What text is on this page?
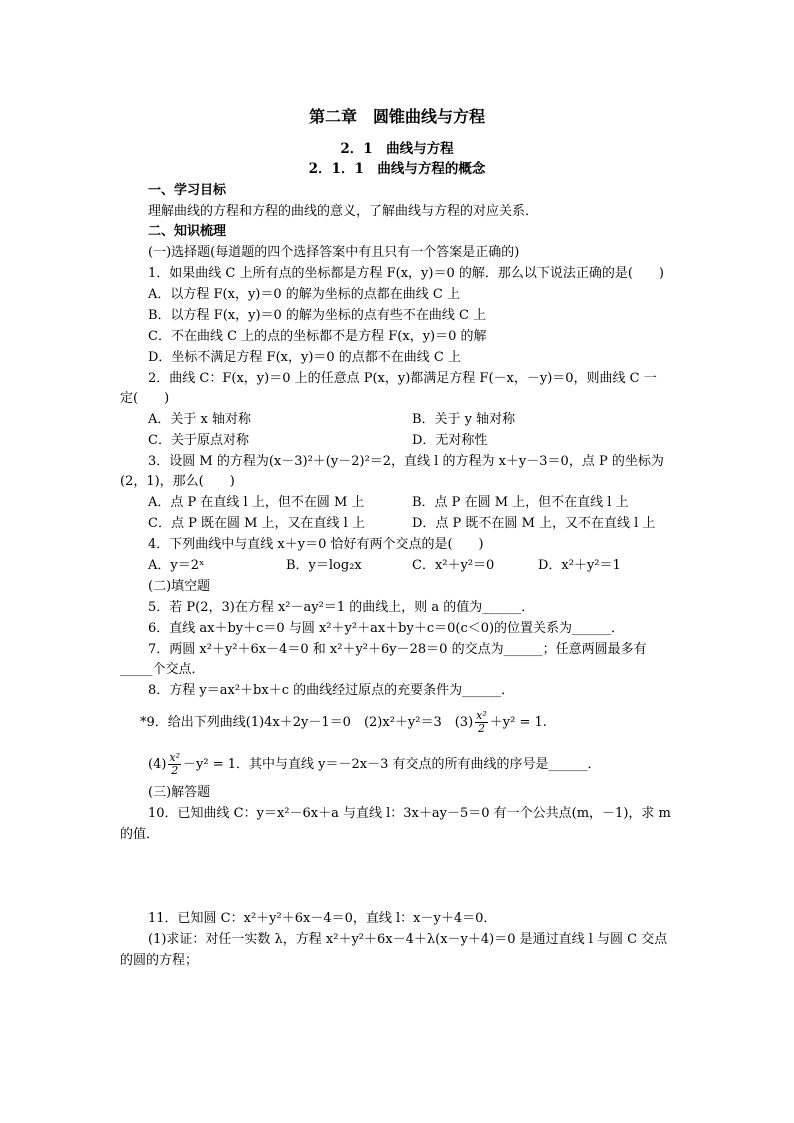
第二章　圆锥曲线与方程
2．1　曲线与方程
2．1．1　曲线与方程的概念
一、学习目标
理解曲线的方程和方程的曲线的意义，了解曲线与方程的对应关系．
二、知识梳理
(一)选择题(每道题的四个选择答案中有且只有一个答案是正确的)
1．如果曲线 C 上所有点的坐标都是方程 F(x，y)＝0 的解．那么以下说法正确的是(　　)
A．以方程 F(x，y)＝0 的解为坐标的点都在曲线 C 上
B．以方程 F(x，y)＝0 的解为坐标的点有些不在曲线 C 上
C．不在曲线 C 上的点的坐标都不是方程 F(x，y)＝0 的解
D．坐标不满足方程 F(x，y)＝0 的点都不在曲线 C 上
2．曲线 C：F(x，y)＝0 上的任意点 P(x，y)都满足方程 F(－x，－y)＝0，则曲线 C 一
定(　　)
A．关于 x 轴对称	B．关于 y 轴对称
C．关于原点对称	D．无对称性
3．设圆 M 的方程为(x－3)²＋(y－2)²＝2，直线 l 的方程为 x＋y－3＝0，点 P 的坐标为
(2，1)，那么(　　)
A．点 P 在直线 l 上，但不在圆 M 上	B．点 P 在圆 M 上，但不在直线 l 上
C．点 P 既在圆 M 上，又在直线 l 上	D．点 P 既不在圆 M 上，又不在直线 l 上
4．下列曲线中与直线 x＋y＝0 恰好有两个交点的是(　　)
A．y＝2ˣ	B．y＝log₂x	C．x²＋y²＝0	D．x²＋y²＝1
(二)填空题
5．若 P(2，3)在方程 x²－ay²＝1 的曲线上，则 a 的值为______．
6．直线 ax＋by＋c＝0 与圆 x²＋y²＋ax＋by＋c＝0(c＜0)的位置关系为______．
7．两圆 x²＋y²＋6x－4＝0 和 x²＋y²＋6y－28＝0 的交点为______；任意两圆最多有
_____个交点．
8．方程 y＝ax²＋bx＋c 的曲线经过原点的充要条件为______．
*9．给出下列曲线(1)4x＋2y－1＝0　(2)x²＋y²＝3　$(3) \frac{\text{x²}}{2} +y^2 = 1$.
$(4) \frac{\text{x²}}{2} -y^2 = 1$．其中与直线 y＝－2x－3 有交点的所有曲线的序号是______．
(三)解答题
10．已知曲线 C：y＝x²－6x＋a 与直线 l：3x＋ay－5＝0 有一个公共点(m，－1)，求 m
的值．
11．已知圆 C：x²＋y²＋6x－4＝0，直线 l：x－y＋4＝0．
(1)求证：对任一实数 λ，方程 x²＋y²＋6x－4＋λ(x－y＋4)＝0 是通过直线 l 与圆 C 交点
的圆的方程；
